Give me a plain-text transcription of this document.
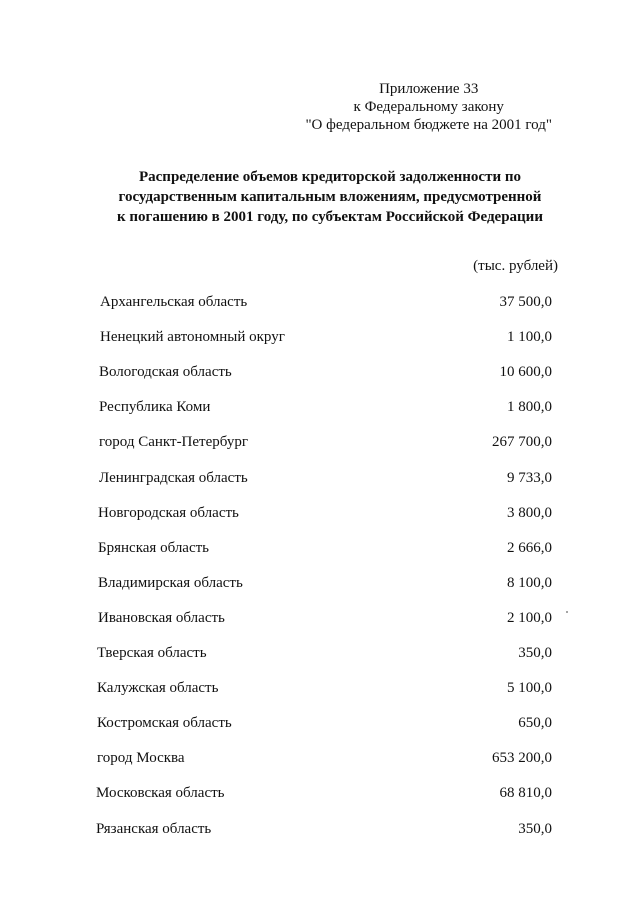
Приложение 33
к Федеральному закону
"О федеральном бюджете на 2001 год"
Распределение объемов кредиторской задолженности по
государственным капитальным вложениям, предусмотренной
к погашению в 2001 году, по субъектам Российской Федерации
(тыс. рублей)
Архангельская область	37 500,0
Ненецкий автономный округ	1 100,0
Вологодская область	10 600,0
Республика Коми	1 800,0
город Санкт-Петербург	267 700,0
Ленинградская область	9 733,0
Новгородская область	3 800,0
Брянская область	2 666,0
Владимирская область	8 100,0
Ивановская область	2 100,0
Тверская область	350,0
Калужская область	5 100,0
Костромская область	650,0
город Москва	653 200,0
Московская область	68 810,0
Рязанская область	350,0
